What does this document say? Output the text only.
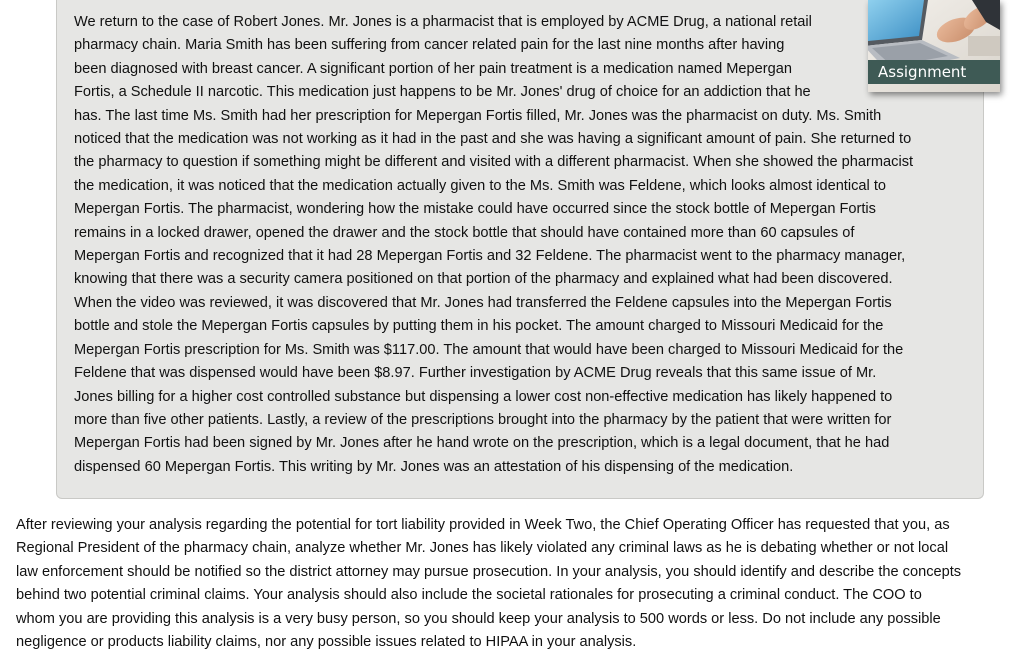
We return to the case of Robert Jones. Mr. Jones is a pharmacist that is employed by ACME Drug, a national retail
pharmacy chain. Maria Smith has been suffering from cancer related pain for the last nine months after having
been diagnosed with breast cancer. A significant portion of her pain treatment is a medication named Mepergan
Fortis, a Schedule II narcotic. This medication just happens to be Mr. Jones' drug of choice for an addiction that he
has. The last time Ms. Smith had her prescription for Mepergan Fortis filled, Mr. Jones was the pharmacist on duty. Ms. Smith
noticed that the medication was not working as it had in the past and she was having a significant amount of pain. She returned to
the pharmacy to question if something might be different and visited with a different pharmacist. When she showed the pharmacist
the medication, it was noticed that the medication actually given to the Ms. Smith was Feldene, which looks almost identical to
Mepergan Fortis. The pharmacist, wondering how the mistake could have occurred since the stock bottle of Mepergan Fortis
remains in a locked drawer, opened the drawer and the stock bottle that should have contained more than 60 capsules of
Mepergan Fortis and recognized that it had 28 Mepergan Fortis and 32 Feldene. The pharmacist went to the pharmacy manager,
knowing that there was a security camera positioned on that portion of the pharmacy and explained what had been discovered.
When the video was reviewed, it was discovered that Mr. Jones had transferred the Feldene capsules into the Mepergan Fortis
bottle and stole the Mepergan Fortis capsules by putting them in his pocket. The amount charged to Missouri Medicaid for the
Mepergan Fortis prescription for Ms. Smith was $117.00. The amount that would have been charged to Missouri Medicaid for the
Feldene that was dispensed would have been $8.97. Further investigation by ACME Drug reveals that this same issue of Mr.
Jones billing for a higher cost controlled substance but dispensing a lower cost non-effective medication has likely happened to
more than five other patients. Lastly, a review of the prescriptions brought into the pharmacy by the patient that were written for
Mepergan Fortis had been signed by Mr. Jones after he hand wrote on the prescription, which is a legal document, that he had
dispensed 60 Mepergan Fortis. This writing by Mr. Jones was an attestation of his dispensing of the medication.

Assignment

After reviewing your analysis regarding the potential for tort liability provided in Week Two, the Chief Operating Officer has requested that you, as
Regional President of the pharmacy chain, analyze whether Mr. Jones has likely violated any criminal laws as he is debating whether or not local
law enforcement should be notified so the district attorney may pursue prosecution. In your analysis, you should identify and describe the concepts
behind two potential criminal claims. Your analysis should also include the societal rationales for prosecuting a criminal conduct. The COO to
whom you are providing this analysis is a very busy person, so you should keep your analysis to 500 words or less. Do not include any possible
negligence or products liability claims, nor any possible issues related to HIPAA in your analysis.
